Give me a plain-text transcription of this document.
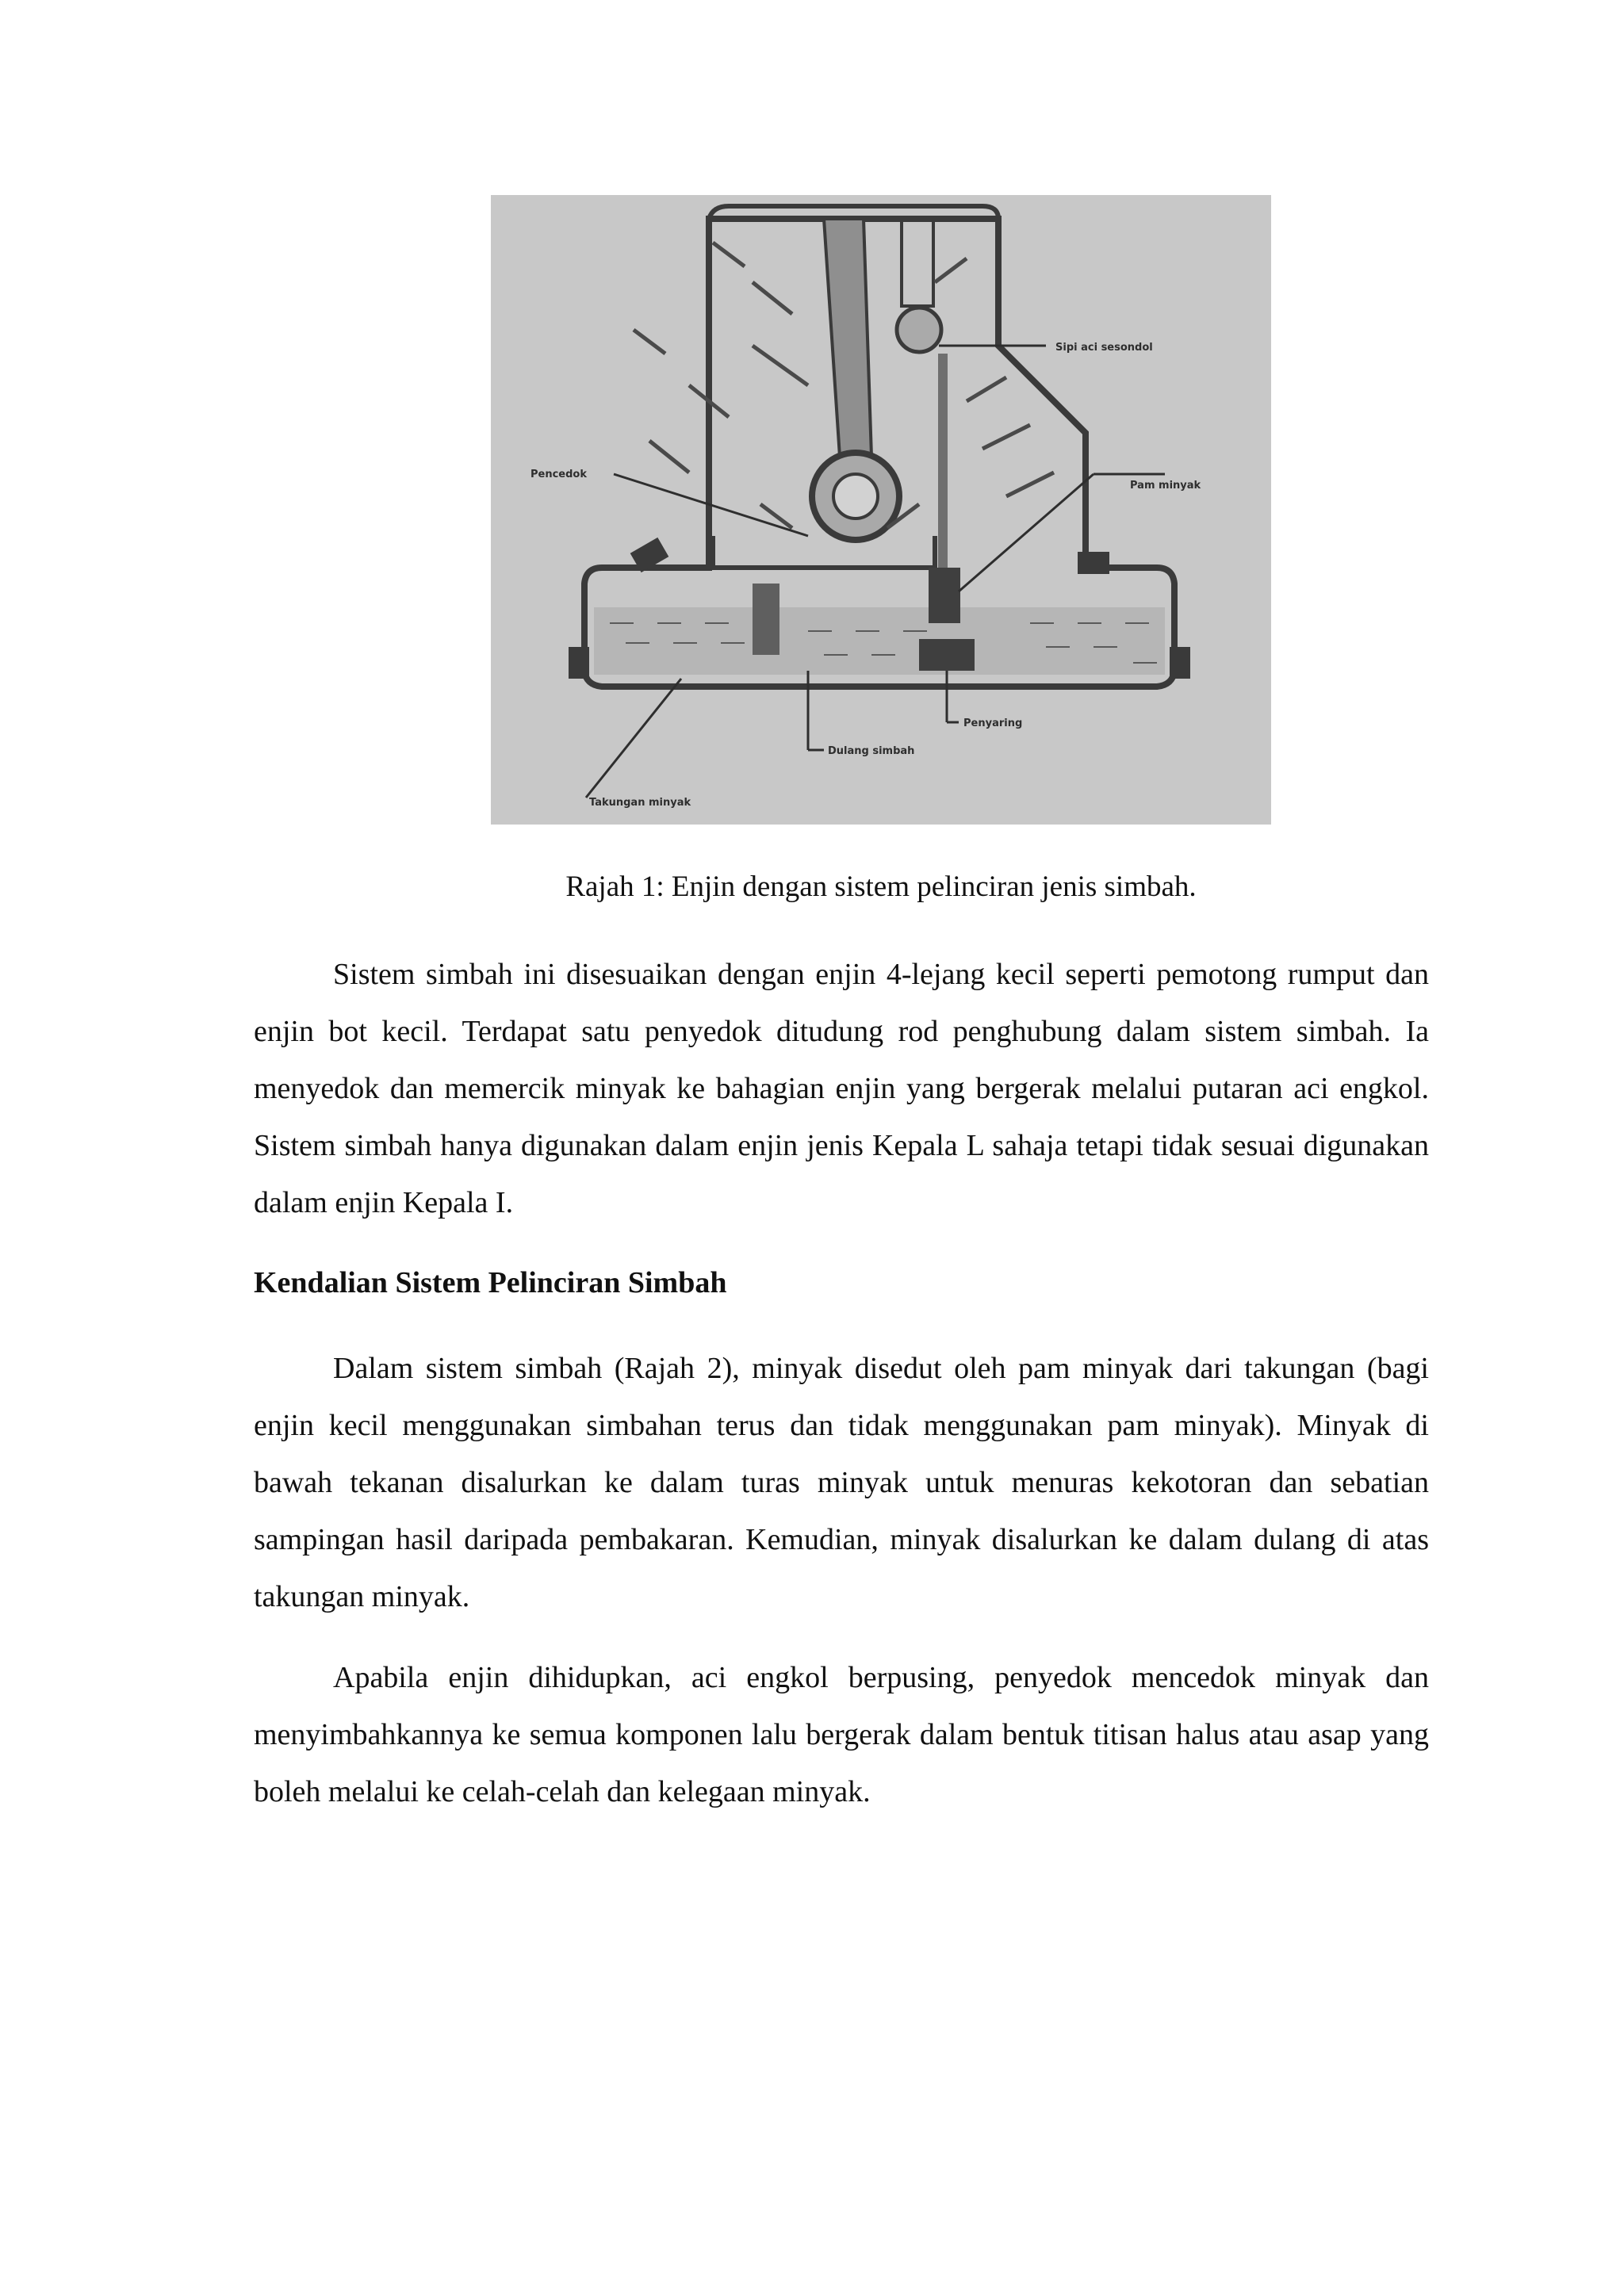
Sipi aci sesondol
Pencedok
Pam minyak
Penyaring
Dulang simbah
Takungan minyak
Rajah 1: Enjin dengan sistem pelinciran jenis simbah.

Sistem simbah ini disesuaikan dengan enjin 4-lejang kecil seperti pemotong rumput dan enjin bot kecil. Terdapat satu penyedok ditudung rod penghubung dalam sistem simbah. Ia menyedok dan memercik minyak ke bahagian enjin yang bergerak melalui putaran aci engkol. Sistem simbah hanya digunakan dalam enjin jenis Kepala L sahaja tetapi tidak sesuai digunakan dalam enjin Kepala I.

Kendalian Sistem Pelinciran Simbah

Dalam sistem simbah (Rajah 2), minyak disedut oleh pam minyak dari takungan (bagi enjin kecil menggunakan simbahan terus dan tidak menggunakan pam minyak). Minyak di bawah tekanan disalurkan ke dalam turas minyak untuk menuras kekotoran dan sebatian sampingan hasil daripada pembakaran. Kemudian, minyak disalurkan ke dalam dulang di atas takungan minyak.

Apabila enjin dihidupkan, aci engkol berpusing, penyedok mencedok minyak dan menyimbahkannya ke semua komponen lalu bergerak dalam bentuk titisan halus atau asap yang boleh melalui ke celah-celah dan kelegaan minyak.
